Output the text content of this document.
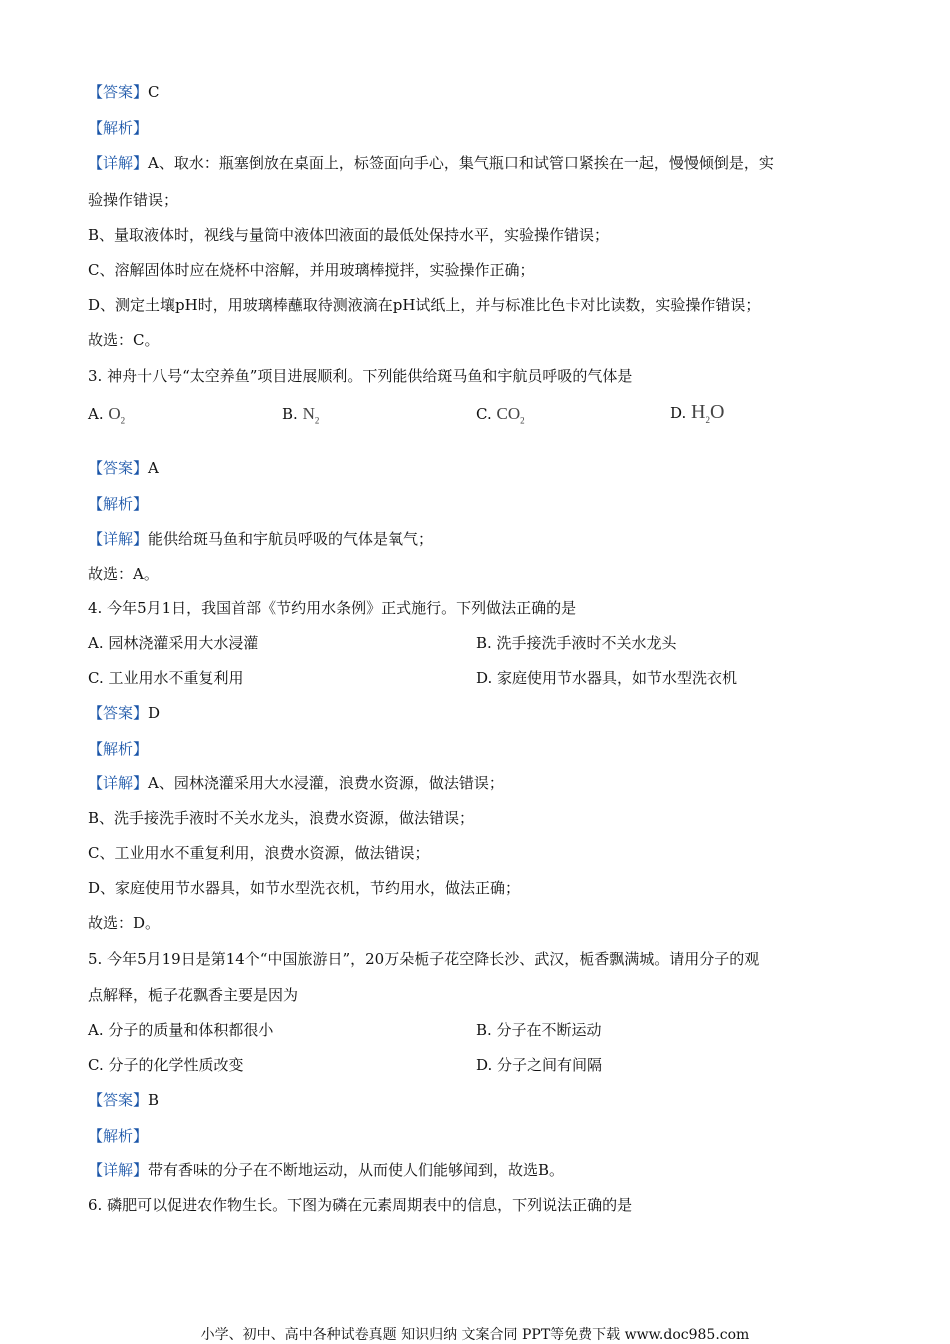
【答案】C
【解析】
【详解】A、取水：瓶塞倒放在桌面上，标签面向手心，集气瓶口和试管口紧挨在一起，慢慢倾倒是，实
验操作错误；
B、量取液体时，视线与量筒中液体凹液面的最低处保持水平，实验操作错误；
C、溶解固体时应在烧杯中溶解，并用玻璃棒搅拌，实验操作正确；
D、测定土壤pH时，用玻璃棒蘸取待测液滴在pH试纸上，并与标准比色卡对比读数，实验操作错误；
故选：C。
3. 神舟十八号“太空养鱼”项目进展顺利。下列能供给斑马鱼和宇航员呼吸的气体是
A. $O_2$	B. $N_2$	C. $CO_2$	D. $H_2O$
【答案】A
【解析】
【详解】能供给斑马鱼和宇航员呼吸的气体是氧气；
故选：A。
4. 今年5月1日，我国首部《节约用水条例》正式施行。下列做法正确的是
A. 园林浇灌采用大水浸灌	B. 洗手接洗手液时不关水龙头
C. 工业用水不重复利用	D. 家庭使用节水器具，如节水型洗衣机
【答案】D
【解析】
【详解】A、园林浇灌采用大水浸灌，浪费水资源，做法错误；
B、洗手接洗手液时不关水龙头，浪费水资源，做法错误；
C、工业用水不重复利用，浪费水资源，做法错误；
D、家庭使用节水器具，如节水型洗衣机，节约用水，做法正确；
故选：D。
5. 今年5月19日是第14个“中国旅游日”，20万朵栀子花空降长沙、武汉，栀香飘满城。请用分子的观
点解释，栀子花飘香主要是因为
A. 分子的质量和体积都很小	B. 分子在不断运动
C. 分子的化学性质改变	D. 分子之间有间隔
【答案】B
【解析】
【详解】带有香味的分子在不断地运动，从而使人们能够闻到，故选B。
6. 磷肥可以促进农作物生长。下图为磷在元素周期表中的信息，下列说法正确的是
小学、初中、高中各种试卷真题 知识归纳 文案合同 PPT等免费下载 www.doc985.com
